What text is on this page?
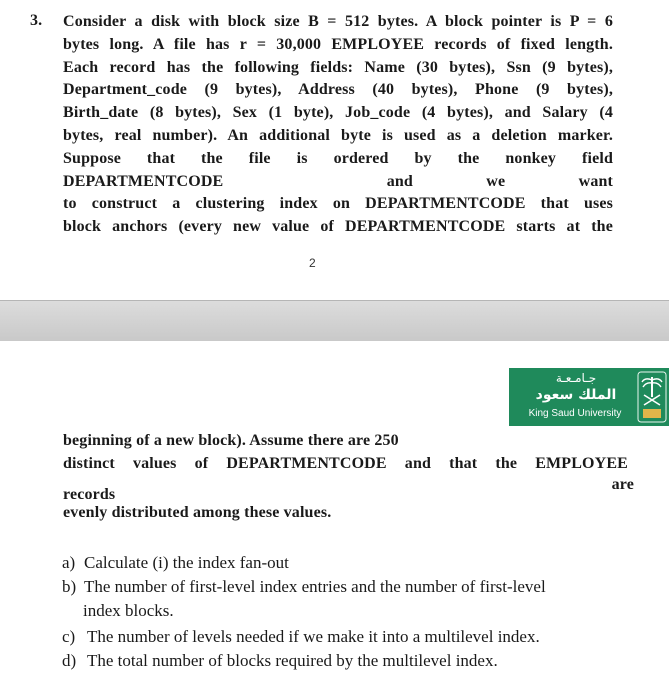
3. Consider a disk with block size B = 512 bytes. A block pointer is P = 6
bytes long. A file has r = 30,000 EMPLOYEE records of fixed length.
Each record has the following fields: Name (30 bytes), Ssn (9 bytes),
Department_code (9 bytes), Address (40 bytes), Phone (9 bytes),
Birth_date (8 bytes), Sex (1 byte), Job_code (4 bytes), and Salary (4
bytes, real number). An additional byte is used as a deletion marker.
Suppose that the file is ordered by the nonkey field
DEPARTMENTCODE	and	we	want
to construct a clustering index on DEPARTMENTCODE that uses
block anchors (every new value of DEPARTMENTCODE starts at the
2
جـامـعـة
الملك سعود
King Saud University
beginning of a new block). Assume there are 250
distinct values of DEPARTMENTCODE and that the EMPLOYEE
records are
evenly distributed among these values.
a) Calculate (i) the index fan-out
b) The number of first-level index entries and the number of first-level
index blocks.
c) The number of levels needed if we make it into a multilevel index.
d) The total number of blocks required by the multilevel index.
